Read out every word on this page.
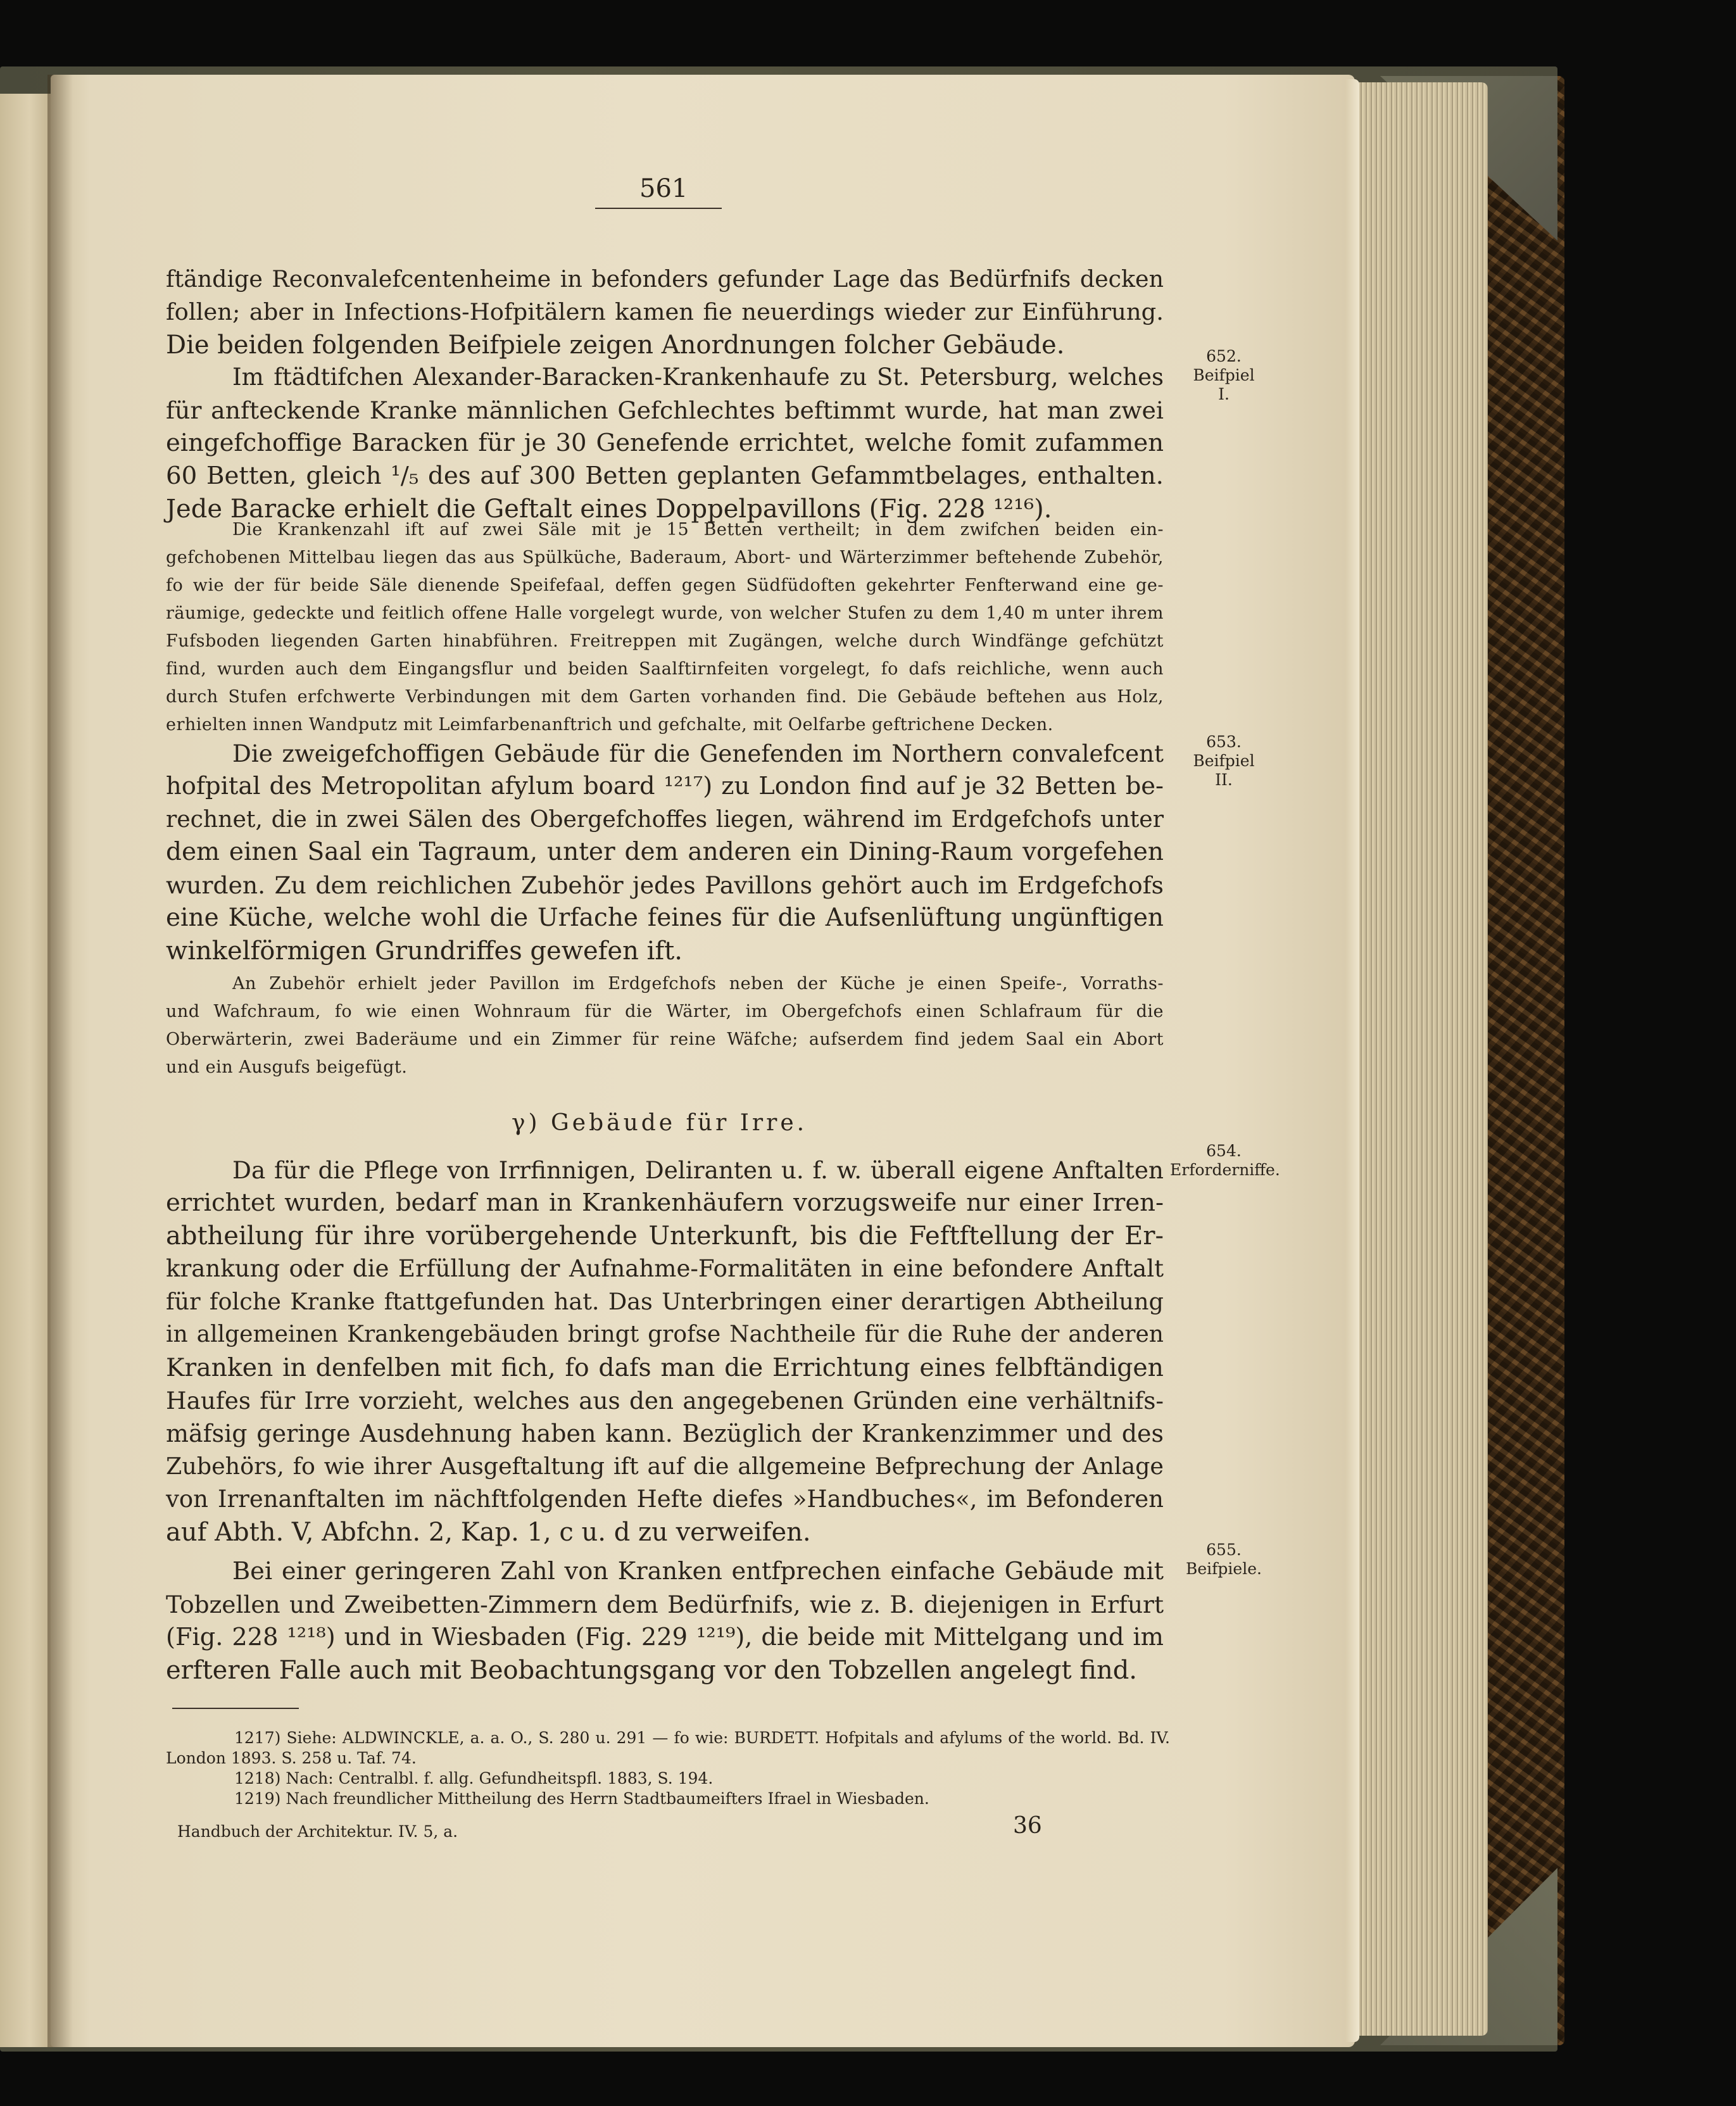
561
ftändige Reconvalefcentenheime in befonders gefunder Lage das Bedürfnifs decken
follen; aber in Infections-Hofpitälern kamen fie neuerdings wieder zur Einführung.
Die beiden folgenden Beifpiele zeigen Anordnungen folcher Gebäude.
Im ftädtifchen Alexander-Baracken-Krankenhaufe zu St. Petersburg, welches
für anfteckende Kranke männlichen Gefchlechtes beftimmt wurde, hat man zwei
eingefchoffige Baracken für je 30 Genefende errichtet, welche fomit zufammen
60 Betten, gleich ¹/₅ des auf 300 Betten geplanten Gefammtbelages, enthalten.
Jede Baracke erhielt die Geftalt eines Doppelpavillons (Fig. 228 ¹²¹⁶).
Die Krankenzahl ift auf zwei Säle mit je 15 Betten vertheilt; in dem zwifchen beiden ein-
gefchobenen Mittelbau liegen das aus Spülküche, Baderaum, Abort- und Wärterzimmer beftehende Zubehör,
fo wie der für beide Säle dienende Speifefaal, deffen gegen Südfüdoften gekehrter Fenfterwand eine ge-
räumige, gedeckte und feitlich offene Halle vorgelegt wurde, von welcher Stufen zu dem 1,40 m unter ihrem
Fufsboden liegenden Garten hinabführen. Freitreppen mit Zugängen, welche durch Windfänge gefchützt
find, wurden auch dem Eingangsflur und beiden Saalftirnfeiten vorgelegt, fo dafs reichliche, wenn auch
durch Stufen erfchwerte Verbindungen mit dem Garten vorhanden find. Die Gebäude beftehen aus Holz,
erhielten innen Wandputz mit Leimfarbenanftrich und gefchalte, mit Oelfarbe geftrichene Decken.
Die zweigefchoffigen Gebäude für die Genefenden im Northern convalefcent
hofpital des Metropolitan afylum board ¹²¹⁷) zu London find auf je 32 Betten be-
rechnet, die in zwei Sälen des Obergefchoffes liegen, während im Erdgefchofs unter
dem einen Saal ein Tagraum, unter dem anderen ein Dining-Raum vorgefehen
wurden. Zu dem reichlichen Zubehör jedes Pavillons gehört auch im Erdgefchofs
eine Küche, welche wohl die Urfache feines für die Aufsenlüftung ungünftigen
winkelförmigen Grundriffes gewefen ift.
An Zubehör erhielt jeder Pavillon im Erdgefchofs neben der Küche je einen Speife-, Vorraths-
und Wafchraum, fo wie einen Wohnraum für die Wärter, im Obergefchofs einen Schlafraum für die
Oberwärterin, zwei Baderäume und ein Zimmer für reine Wäfche; aufserdem find jedem Saal ein Abort
und ein Ausgufs beigefügt.
Da für die Pflege von Irrfinnigen, Deliranten u. f. w. überall eigene Anftalten
errichtet wurden, bedarf man in Krankenhäufern vorzugsweife nur einer Irren-
abtheilung für ihre vorübergehende Unterkunft, bis die Feftftellung der Er-
krankung oder die Erfüllung der Aufnahme-Formalitäten in eine befondere Anftalt
für folche Kranke ftattgefunden hat. Das Unterbringen einer derartigen Abtheilung
in allgemeinen Krankengebäuden bringt grofse Nachtheile für die Ruhe der anderen
Kranken in denfelben mit fich, fo dafs man die Errichtung eines felbftändigen
Haufes für Irre vorzieht, welches aus den angegebenen Gründen eine verhältnifs-
mäfsig geringe Ausdehnung haben kann. Bezüglich der Krankenzimmer und des
Zubehörs, fo wie ihrer Ausgeftaltung ift auf die allgemeine Befprechung der Anlage
von Irrenanftalten im nächftfolgenden Hefte diefes »Handbuches«, im Befonderen
auf Abth. V, Abfchn. 2, Kap. 1, c u. d zu verweifen.
Bei einer geringeren Zahl von Kranken entfprechen einfache Gebäude mit
Tobzellen und Zweibetten-Zimmern dem Bedürfnifs, wie z. B. diejenigen in Erfurt
(Fig. 228 ¹²¹⁸) und in Wiesbaden (Fig. 229 ¹²¹⁹), die beide mit Mittelgang und im
erfteren Falle auch mit Beobachtungsgang vor den Tobzellen angelegt find.
1217) Siehe: ALDWINCKLE, a. a. O., S. 280 u. 291 — fo wie: BURDETT. Hofpitals and afylums of the world. Bd. IV.
London 1893. S. 258 u. Taf. 74.
1218) Nach: Centralbl. f. allg. Gefundheitspfl. 1883, S. 194.
1219) Nach freundlicher Mittheilung des Herrn Stadtbaumeifters Ifrael in Wiesbaden.
Handbuch der Architektur. IV. 5, a.
γ) Gebäude für Irre.
652.
Beifpiel
I.
653.
Beifpiel
II.
654.
Erforderniffe.
655.
Beifpiele.
36
